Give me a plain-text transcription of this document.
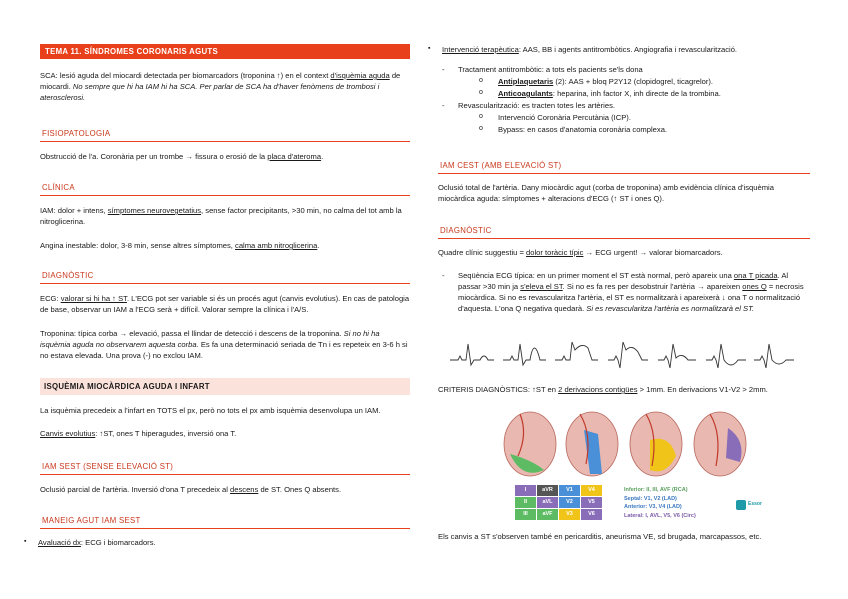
TEMA 11. SÍNDROMES CORONARIS AGUTS

SCA: lesió aguda del miocardi detectada per biomarcadors (troponina ↑) en el context d'isquèmia aguda de miocardi. No sempre que hi ha IAM hi ha SCA. Per parlar de SCA ha d'haver fenòmens de trombosi i aterosclerosi.

FISIOPATOLOGIA

Obstrucció de l'a. Coronària per un trombe → fissura o erosió de la placa d'ateroma.

CLÍNICA

IAM: dolor + intens, símptomes neurovegetatius, sense factor precipitants, >30 min, no calma del tot amb la nitroglicerina.

Angina inestable: dolor, 3-8 min, sense altres símptomes, calma amb nitroglicerina.

DIAGNÒSTIC

ECG: valorar si hi ha ↑ ST. L'ECG pot ser variable si és un procés agut (canvis evolutius). En cas de patologia de base, observar un IAM a l'ECG serà + difícil. Valorar sempre la clínica i l'A/S.

Troponina: típica corba → elevació, passa el llindar de detecció i descens de la troponina. Si no hi ha isquèmia aguda no observarem aquesta corba. Es fa una determinació seriada de Tn i es repeteix en 3-6 h si no estava elevada. Una prova (-) no exclou IAM.

ISQUÈMIA MIOCÀRDICA AGUDA I INFART

La isquèmia precedeix a l'infart en TOTS el px, però no tots el px amb isquèmia desenvolupa un IAM.

Canvis evolutius: ↑ST, ones T hiperagudes, inversió ona T.

IAM SEST (SENSE ELEVACIÓ ST)

Oclusió parcial de l'artèria. Inversió d'ona T precedeix al descens de ST. Ones Q absents.

MANEIG AGUT IAM SEST

▪ Avaluació dx: ECG i biomarcadors.

▪ Intervenció terapèutica: AAS, BB i agents antitrombòtics. Angiografia i revascularització.

- Tractament antitrombòtic: a tots els pacients se'ls dona

o Antiplaquetaris (2): AAS + bloq P2Y12 (clopidogrel, ticagrelor).

o Anticoagulants: heparina, inh factor X, inh directe de la trombina.

- Revascularització: es tracten totes les artèries.

o Intervenció Coronària Percutània (ICP).

o Bypass: en casos d'anatomia coronària complexa.

IAM CEST (AMB ELEVACIÓ ST)

Oclusió total de l'artèria. Dany miocàrdic agut (corba de troponina) amb evidència clínica d'isquèmia miocàrdica aguda: símptomes + alteracions d'ECG (↑ ST i ones Q).

DIAGNÒSTIC

Quadre clínic suggestiu = dolor toràcic típic → ECG urgent! → valorar biomarcadors.

- Seqüència ECG típica: en un primer moment el ST està normal, però apareix una ona T picada. Al passar >30 min ja s'eleva el ST. Si no es fa res per desobstruir l'artèria → apareixen ones Q = necrosis miocàrdica. Si no es revascularitza l'artèria, el ST es normalitzarà i apareixerà ↓ ona T o normalització d'aquesta. L'ona Q negativa quedarà. Si es revascularitza l'artèria es normalitzarà el ST.

CRITERIS DIAGNÒSTICS: ↑ST en 2 derivacions contigües > 1mm. En derivacions V1-V2 > 2mm.

I	aVR	V1	V4
II	aVL	V2	V5
III	aVF	V3	V6
Inferior: II, III, AVF (RCA)
Septal: V1, V2 (LAD)
Anterior: V3, V4 (LAD)
Lateral: I, AVL, V5, V6 (Circ)
Essor

Els canvis a ST s'observen també en pericarditis, aneurisma VE, sd brugada, marcapassos, etc.
